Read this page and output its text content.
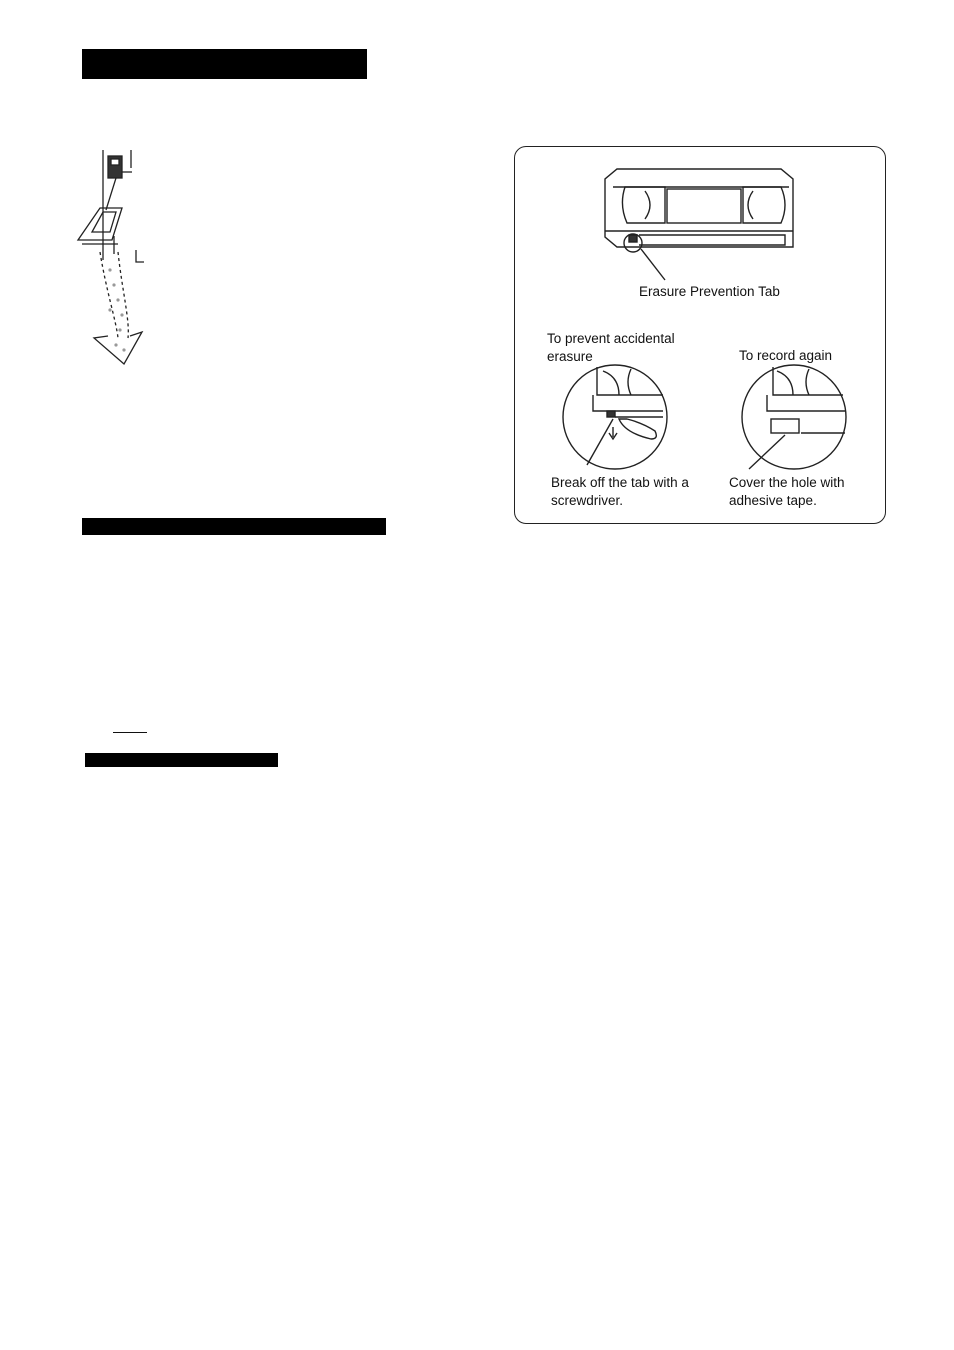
Erasure Prevention Tab
To prevent accidental erasure	To record again
Break off the tab with a screwdriver.
Cover the hole with adhesive tape.
